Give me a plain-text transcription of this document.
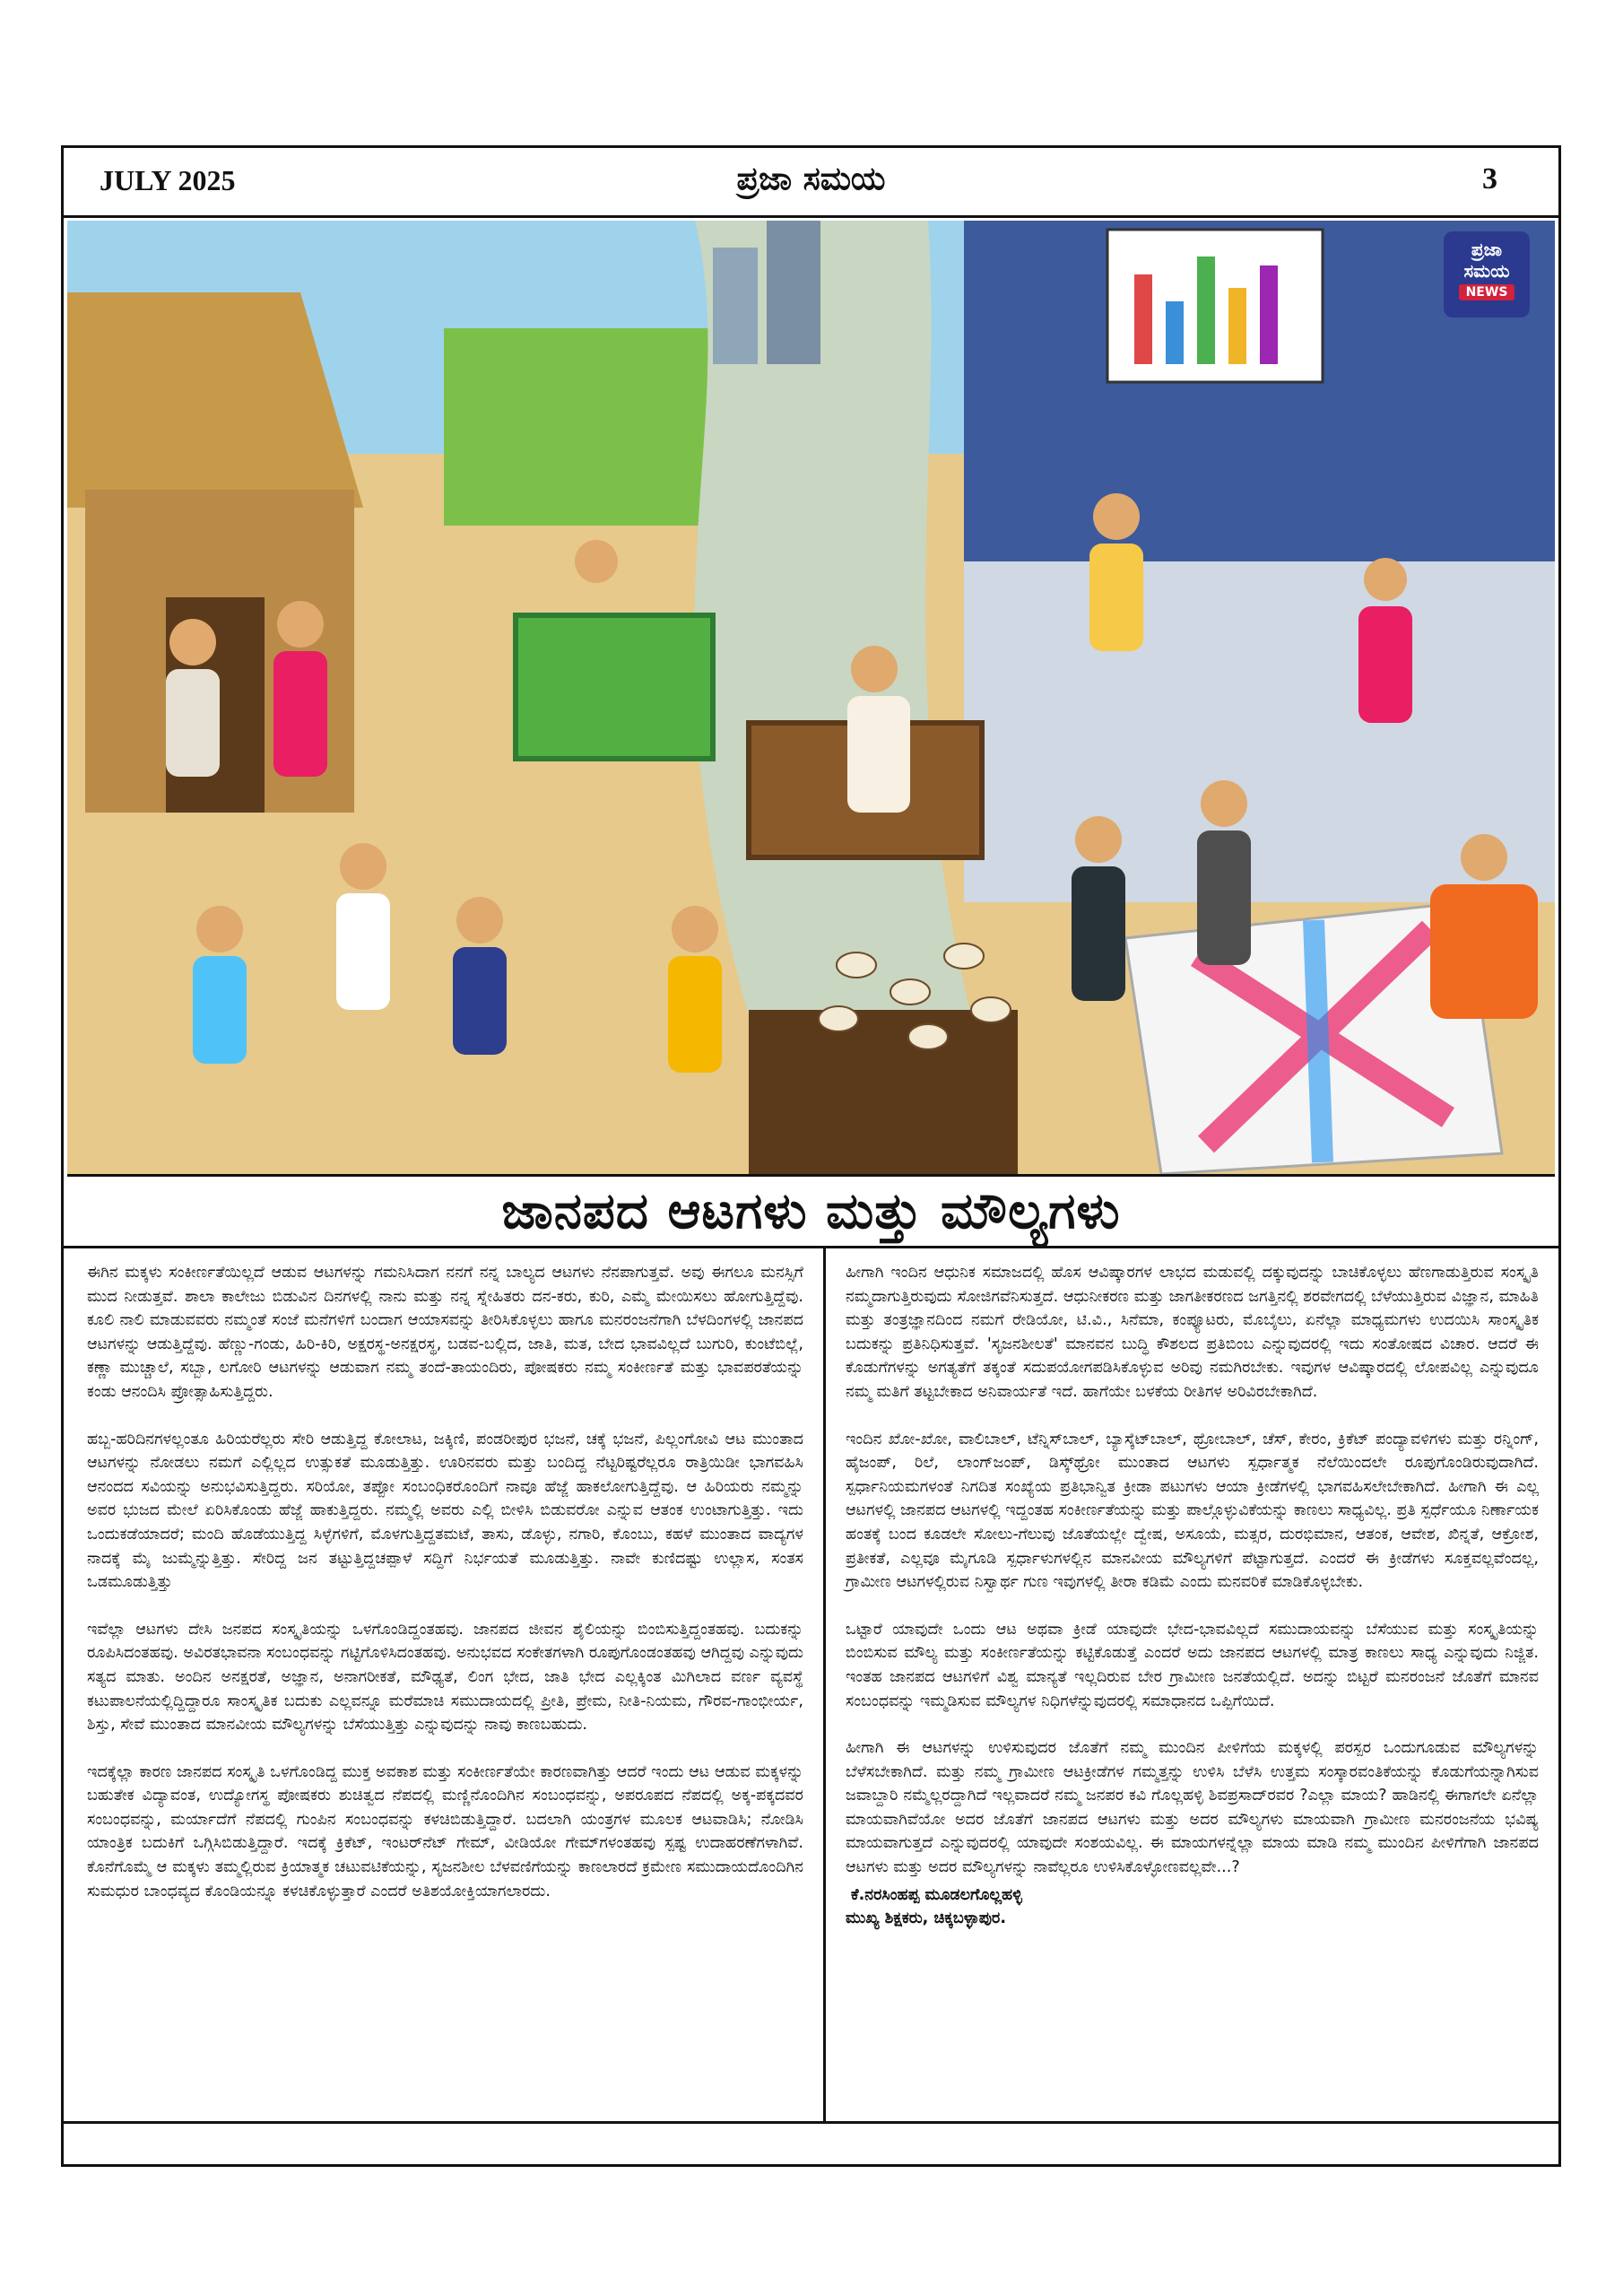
JULY 2025	ಪ್ರಜಾ ಸಮಯ	3
ಪ್ರಜಾ
ಸಮಯ
NEWS
ಜಾನಪದ ಆಟಗಳು ಮತ್ತು ಮೌಲ್ಯಗಳು

ಈಗಿನ ಮಕ್ಕಳು ಸಂಕೀರ್ಣತೆಯಿಲ್ಲದೆ ಆಡುವ ಆಟಗಳನ್ನು ಗಮನಿಸಿದಾಗ ನನಗೆ ನನ್ನ ಬಾಲ್ಯದ ಆಟಗಳು ನೆನಪಾಗುತ್ತವೆ. ಅವು ಈಗಲೂ ಮನಸ್ಸಿಗೆ ಮುದ ನೀಡುತ್ತವೆ. ಶಾಲಾ ಕಾಲೇಜು ಬಿಡುವಿನ ದಿನಗಳಲ್ಲಿ ನಾನು ಮತ್ತು ನನ್ನ ಸ್ನೇಹಿತರು ದನ-ಕರು, ಕುರಿ, ಎಮ್ಮೆ ಮೇಯಿಸಲು ಹೋಗುತ್ತಿದ್ದೆವು. ಕೂಲಿ ನಾಲಿ ಮಾಡುವವರು ನಮ್ಮಂತೆ ಸಂಜೆ ಮನೆಗಳಿಗೆ ಬಂದಾಗ ಆಯಾಸವನ್ನು ತೀರಿಸಿಕೊಳ್ಳಲು ಹಾಗೂ ಮನರಂಜನೆಗಾಗಿ ಬೆಳದಿಂಗಳಲ್ಲಿ ಜಾನಪದ ಆಟಗಳನ್ನು ಆಡುತ್ತಿದ್ದೆವು. ಹೆಣ್ಣು-ಗಂಡು, ಹಿರಿ-ಕಿರಿ, ಅಕ್ಷರಸ್ಥ-ಅನಕ್ಷರಸ್ಥ, ಬಡವ-ಬಲ್ಲಿದ, ಜಾತಿ, ಮತ, ಬೇದ ಭಾವವಿಲ್ಲದೆ ಬುಗುರಿ, ಕುಂಟೆಬಿಲ್ಲೆ, ಕಣ್ಣಾ ಮುಚ್ಚಾಲೆ, ಸಬ್ಬಾ, ಲಗೋರಿ ಆಟಗಳನ್ನು ಆಡುವಾಗ ನಮ್ಮ ತಂದೆ-ತಾಯಂದಿರು, ಪೋಷಕರು ನಮ್ಮ ಸಂಕೀರ್ಣತೆ ಮತ್ತು ಭಾವಪರತೆಯನ್ನು ಕಂಡು ಆನಂದಿಸಿ ಪ್ರೋತ್ಸಾಹಿಸುತ್ತಿದ್ದರು.

ಹಬ್ಬ-ಹರಿದಿನಗಳಲ್ಲಂತೂ ಹಿರಿಯರೆಲ್ಲರು ಸೇರಿ ಆಡುತ್ತಿದ್ದ ಕೋಲಾಟ, ಜಕ್ಕಿಣಿ, ಪಂಡರೀಪುರ ಭಜನೆ, ಚಕ್ಕೆ ಭಜನೆ, ಪಿಲ್ಲಂಗೋವಿ ಆಟ ಮುಂತಾದ ಆಟಗಳನ್ನು ನೋಡಲು ನಮಗೆ ಎಲ್ಲಿಲ್ಲದ ಉತ್ಸುಕತೆ ಮೂಡುತ್ತಿತ್ತು. ಊರಿನವರು ಮತ್ತು ಬಂದಿದ್ದ ನೆಟ್ಟರಿಷ್ಟರೆಲ್ಲರೂ ರಾತ್ರಿಯಿಡೀ ಭಾಗವಹಿಸಿ ಆನಂದದ ಸವಿಯನ್ನು ಅನುಭವಿಸುತ್ತಿದ್ದರು. ಸರಿಯೋ, ತಪ್ಪೋ ಸಂಬಂಧಿಕರೊಂದಿಗೆ ನಾವೂ ಹೆಜ್ಜೆ ಹಾಕಲೋಗುತ್ತಿದ್ದೆವು. ಆ ಹಿರಿಯರು ನಮ್ಮನ್ನು ಅವರ ಭುಜದ ಮೇಲೆ ಏರಿಸಿಕೊಂಡು ಹೆಜ್ಜೆ ಹಾಕುತ್ತಿದ್ದರು. ನಮ್ಮಲ್ಲಿ ಅವರು ಎಲ್ಲಿ ಬೀಳಿಸಿ ಬಿಡುವರೋ ಎನ್ನುವ ಆತಂಕ ಉಂಟಾಗುತ್ತಿತ್ತು. ಇದು ಒಂದುಕಡೆಯಾದರೆ; ಮಂದಿ ಹೊಡೆಯುತ್ತಿದ್ದ ಸಿಳ್ಳೆಗಳಿಗೆ, ಮೊಳಗುತ್ತಿದ್ದತಮಟೆ, ತಾಸು, ಡೊಳ್ಳು, ನಗಾರಿ, ಕೊಂಬು, ಕಹಳೆ ಮುಂತಾದ ವಾದ್ಯಗಳ ನಾದಕ್ಕೆ ಮೈ ಜುಮ್ಮೆನ್ನುತ್ತಿತ್ತು. ಸೇರಿದ್ದ ಜನ ತಟ್ಟುತ್ತಿದ್ದಚಪ್ಪಾಳೆ ಸದ್ದಿಗೆ ನಿರ್ಭಯತೆ ಮೂಡುತ್ತಿತ್ತು. ನಾವೇ ಕುಣಿದಷ್ಟು ಉಲ್ಲಾಸ, ಸಂತಸ ಒಡಮೂಡುತ್ತಿತ್ತು

ಇವೆಲ್ಲಾ ಆಟಗಳು ದೇಸಿ ಜನಪದ ಸಂಸ್ಕೃತಿಯನ್ನು ಒಳಗೊಂಡಿದ್ದಂತಹವು. ಜಾನಪದ ಜೀವನ ಶೈಲಿಯನ್ನು ಬಿಂಬಿಸುತ್ತಿದ್ದಂತಹವು. ಬದುಕನ್ನು ರೂಪಿಸಿದಂತಹವು. ಅವಿರತಭಾವನಾ ಸಂಬಂಧವನ್ನು ಗಟ್ಟಿಗೊಳಿಸಿದಂತಹವು. ಅನುಭವದ ಸಂಕೇತಗಳಾಗಿ ರೂಪುಗೊಂಡಂತಹವು ಆಗಿದ್ದವು ಎನ್ನುವುದು ಸತ್ಯದ ಮಾತು. ಅಂದಿನ ಅನಕ್ಷರತೆ, ಅಜ್ಞಾನ, ಅನಾಗರೀಕತೆ, ಮೌಢ್ಯತೆ, ಲಿಂಗ ಭೇದ, ಜಾತಿ ಭೇದ ಎಲ್ಲಕ್ಕಿಂತ ಮಿಗಿಲಾದ ವರ್ಣ ವ್ಯವಸ್ಥೆ ಕಟುಪಾಲನೆಯಲ್ಲಿದ್ದಿದ್ದಾರೂ ಸಾಂಸ್ಕೃತಿಕ ಬದುಕು ಎಲ್ಲವನ್ನೂ ಮರೆಮಾಚಿ ಸಮುದಾಯದಲ್ಲಿ ಪ್ರೀತಿ, ಪ್ರೇಮ, ನೀತಿ-ನಿಯಮ, ಗೌರವ-ಗಾಂಭೀರ್ಯ, ಶಿಸ್ತು, ಸೇವೆ ಮುಂತಾದ ಮಾನವೀಯ ಮೌಲ್ಯಗಳನ್ನು ಬೆಸೆಯುತ್ತಿತ್ತು ಎನ್ನುವುದನ್ನು ನಾವು ಕಾಣಬಹುದು.

ಇದಕ್ಕೆಲ್ಲಾ ಕಾರಣ ಜಾನಪದ ಸಂಸ್ಕೃತಿ ಒಳಗೊಂಡಿದ್ದ ಮುಕ್ತ ಅವಕಾಶ ಮತ್ತು ಸಂಕೀರ್ಣತೆಯೇ ಕಾರಣವಾಗಿತ್ತು ಆದರೆ ಇಂದು ಆಟ ಆಡುವ ಮಕ್ಕಳನ್ನು ಬಹುತೇಕ ವಿದ್ಯಾವಂತ, ಉದ್ಯೋಗಸ್ಥ ಪೋಷಕರು ಶುಚಿತ್ವದ ನೆಪದಲ್ಲಿ ಮಣ್ಣಿನೊಂದಿಗಿನ ಸಂಬಂಧವನ್ನು, ಅಪರೂಪದ ನೆಪದಲ್ಲಿ ಅಕ್ಕ-ಪಕ್ಕದವರ ಸಂಬಂಧವನ್ನು, ಮರ್ಯಾದೆಗೆ ನೆಪದಲ್ಲಿ ಗುಂಪಿನ ಸಂಬಂಧವನ್ನು ಕಳಚಿಬಿಡುತ್ತಿದ್ದಾರೆ. ಬದಲಾಗಿ ಯಂತ್ರಗಳ ಮೂಲಕ ಆಟವಾಡಿಸಿ; ನೋಡಿಸಿ ಯಾಂತ್ರಿಕ ಬದುಕಿಗೆ ಒಗ್ಗಿಸಿಬಿಡುತ್ತಿದ್ದಾರೆ. ಇದಕ್ಕೆ ಕ್ರಿಕೆಟ್, ಇಂಟರ್‌ನೆಟ್ ಗೇಮ್, ವೀಡಿಯೋ ಗೇಮ್‌ಗಳಂತಹವು ಸ್ಪಷ್ಟ ಉದಾಹರಣೆಗಳಾಗಿವೆ. ಕೊನೆಗೊಮ್ಮೆ ಆ ಮಕ್ಕಳು ತಮ್ಮಲ್ಲಿರುವ ಕ್ರಿಯಾತ್ಮಕ ಚಟುವಟಿಕೆಯನ್ನು, ಸೃಜನಶೀಲ ಬೆಳವಣಿಗೆಯನ್ನು ಕಾಣಲಾರದೆ ಕ್ರಮೇಣ ಸಮುದಾಯದೊಂದಿಗಿನ ಸುಮಧುರ ಬಾಂಧವ್ಯದ ಕೊಂಡಿಯನ್ನೂ ಕಳಚಿಕೊಳ್ಳುತ್ತಾರೆ ಎಂದರೆ ಅತಿಶಯೋಕ್ತಿಯಾಗಲಾರದು.

ಹೀಗಾಗಿ ಇಂದಿನ ಆಧುನಿಕ ಸಮಾಜದಲ್ಲಿ ಹೊಸ ಆವಿಷ್ಕಾರಗಳ ಲಾಭದ ಮಡುವಲ್ಲಿ ದಕ್ಕುವುದನ್ನು ಬಾಚಿಕೊಳ್ಳಲು ಹೆಣಗಾಡುತ್ತಿರುವ ಸಂಸ್ಕೃತಿ ನಮ್ಮದಾಗುತ್ತಿರುವುದು ಸೋಜಿಗವೆನಿಸುತ್ತದೆ. ಆಧುನೀಕರಣ ಮತ್ತು ಜಾಗತೀಕರಣದ ಜಗತ್ತಿನಲ್ಲಿ ಶರವೇಗದಲ್ಲಿ ಬೆಳೆಯುತ್ತಿರುವ ವಿಜ್ಞಾನ, ಮಾಹಿತಿ ಮತ್ತು ತಂತ್ರಜ್ಞಾನದಿಂದ ನಮಗೆ ರೇಡಿಯೋ, ಟಿ.ವಿ., ಸಿನೆಮಾ, ಕಂಪ್ಯೂಟರು, ಮೊಬೈಲು, ಏನೆಲ್ಲಾ ಮಾಧ್ಯಮಗಳು ಉದಯಿಸಿ ಸಾಂಸ್ಕೃತಿಕ ಬದುಕನ್ನು ಪ್ರತಿನಿಧಿಸುತ್ತವೆ. 'ಸೃಜನಶೀಲತೆ' ಮಾನವನ ಬುದ್ಧಿ ಕೌಶಲದ ಪ್ರತಿಬಿಂಬ ಎನ್ನುವುದರಲ್ಲಿ ಇದು ಸಂತೋಷದ ವಿಚಾರ. ಆದರೆ ಈ ಕೊಡುಗೆಗಳನ್ನು ಅಗತ್ಯತೆಗೆ ತಕ್ಕಂತೆ ಸದುಪಯೋಗಪಡಿಸಿಕೊಳ್ಳುವ ಅರಿವು ನಮಗಿರಬೇಕು. ಇವುಗಳ ಆವಿಷ್ಕಾರದಲ್ಲಿ ಲೋಪವಿಲ್ಲ ಎನ್ನುವುದೂ ನಮ್ಮ ಮತಿಗೆ ತಟ್ಟಬೇಕಾದ ಅನಿವಾರ್ಯತೆ ಇದೆ. ಹಾಗೆಯೇ ಬಳಕೆಯ ರೀತಿಗಳ ಅರಿವಿರಬೇಕಾಗಿದೆ.

ಇಂದಿನ ಖೋ-ಖೋ, ವಾಲಿಬಾಲ್, ಟೆನ್ನಿಸ್‌ಬಾಲ್, ಬ್ಯಾಸ್ಕೆಟ್‌ಬಾಲ್, ಥ್ರೋಬಾಲ್, ಚೆಸ್, ಕೇರಂ, ಕ್ರಿಕೆಟ್ ಪಂದ್ಯಾವಳಿಗಳು ಮತ್ತು ರನ್ನಿಂಗ್, ಹೈಜಂಪ್, ರಿಲೆ, ಲಾಂಗ್‌ಜಂಪ್, ಡಿಸ್ಕ್‌ಥ್ರೋ ಮುಂತಾದ ಆಟಗಳು ಸ್ಪರ್ಧಾತ್ಮಕ ನೆಲೆಯಿಂದಲೇ ರೂಪುಗೊಂಡಿರುವುದಾಗಿದೆ. ಸ್ಪರ್ಧಾನಿಯಮಗಳಂತೆ ನಿಗದಿತ ಸಂಖ್ಯೆಯ ಪ್ರತಿಭಾನ್ವಿತ ಕ್ರೀಡಾ ಪಟುಗಳು ಆಯಾ ಕ್ರೀಡೆಗಳಲ್ಲಿ ಭಾಗವಹಿಸಲೇಬೇಕಾಗಿದೆ. ಹೀಗಾಗಿ ಈ ಎಲ್ಲ ಆಟಗಳಲ್ಲಿ ಜಾನಪದ ಆಟಗಳಲ್ಲಿ ಇದ್ದಂತಹ ಸಂಕೀರ್ಣತೆಯನ್ನು ಮತ್ತು ಪಾಲ್ಗೊಳ್ಳುವಿಕೆಯನ್ನು ಕಾಣಲು ಸಾಧ್ಯವಿಲ್ಲ. ಪ್ರತಿ ಸ್ಪರ್ಧೆಯೂ ನಿರ್ಣಾಯಕ ಹಂತಕ್ಕೆ ಬಂದ ಕೂಡಲೇ ಸೋಲು-ಗೆಲುವು ಜೊತೆಯಲ್ಲೇ ದ್ವೇಷ, ಅಸೂಯೆ, ಮತ್ಸರ, ದುರಭಿಮಾನ, ಆತಂಕ, ಆವೇಶ, ಖಿನ್ನತೆ, ಆಕ್ರೋಶ, ಪ್ರತೀಕತೆ, ಎಲ್ಲವೂ ಮೈಗೂಡಿ ಸ್ಪರ್ಧಾಳುಗಳಲ್ಲಿನ ಮಾನವೀಯ ಮೌಲ್ಯಗಳಿಗೆ ಪೆಟ್ಟಾಗುತ್ತದೆ. ಎಂದರೆ ಈ ಕ್ರೀಡೆಗಳು ಸೂಕ್ತವಲ್ಲವೆಂದಲ್ಲ, ಗ್ರಾಮೀಣ ಆಟಗಳಲ್ಲಿರುವ ನಿಸ್ವಾರ್ಥ ಗುಣ ಇವುಗಳಲ್ಲಿ ತೀರಾ ಕಡಿಮೆ ಎಂದು ಮನವರಿಕೆ ಮಾಡಿಕೊಳ್ಳಬೇಕು.

ಒಟ್ಟಾರೆ ಯಾವುದೇ ಒಂದು ಆಟ ಅಥವಾ ಕ್ರೀಡೆ ಯಾವುದೇ ಭೇದ-ಭಾವವಿಲ್ಲದೆ ಸಮುದಾಯವನ್ನು ಬೆಸೆಯುವ ಮತ್ತು ಸಂಸ್ಕೃತಿಯನ್ನು ಬಿಂಬಿಸುವ ಮೌಲ್ಯ ಮತ್ತು ಸಂಕೀರ್ಣತೆಯನ್ನು ಕಟ್ಟಿಕೊಡುತ್ತೆ ಎಂದರೆ ಅದು ಜಾನಪದ ಆಟಗಳಲ್ಲಿ ಮಾತ್ರ ಕಾಣಲು ಸಾಧ್ಯ ಎನ್ನುವುದು ನಿಜ್ಜಿತ. ಇಂತಹ ಜಾನಪದ ಆಟಗಳಿಗೆ ವಿಶ್ವ ಮಾನ್ಯತೆ ಇಲ್ಲದಿರುವ ಬೇರ ಗ್ರಾಮೀಣ ಜನತೆಯಲ್ಲಿದೆ. ಅದನ್ನು ಬಿಟ್ಟರೆ ಮನರಂಜನೆ ಜೊತೆಗೆ ಮಾನವ ಸಂಬಂಧವನ್ನು ಇಮ್ಮಡಿಸುವ ಮೌಲ್ಯಗಳ ನಿಧಿಗಳೆನ್ನುವುದರಲ್ಲಿ ಸಮಾಧಾನದ ಒಪ್ಪಿಗೆಯಿದೆ.

ಹೀಗಾಗಿ ಈ ಆಟಗಳನ್ನು ಉಳಿಸುವುದರ ಜೊತೆಗೆ ನಮ್ಮ ಮುಂದಿನ ಪೀಳಿಗೆಯ ಮಕ್ಕಳಲ್ಲಿ ಪರಸ್ಪರ ಒಂದುಗೂಡುವ ಮೌಲ್ಯಗಳನ್ನು ಬೆಳೆಸಬೇಕಾಗಿದೆ. ಮತ್ತು ನಮ್ಮ ಗ್ರಾಮೀಣ ಆಟಕ್ರೀಡೆಗಳ ಗಮ್ಮತ್ತನ್ನು ಉಳಿಸಿ ಬೆಳೆಸಿ ಉತ್ತಮ ಸಂಸ್ಕಾರವಂತಿಕೆಯನ್ನು ಕೊಡುಗೆಯನ್ನಾಗಿಸುವ ಜವಾಬ್ದಾರಿ ನಮ್ಮೆಲ್ಲರದ್ದಾಗಿದೆ ಇಲ್ಲವಾದರೆ ನಮ್ಮ ಜನಪರ ಕವಿ ಗೊಲ್ಲಹಳ್ಳಿ ಶಿವಪ್ರಸಾದ್‌ರವರ ?ಎಲ್ಲಾ ಮಾಯ? ಹಾಡಿನಲ್ಲಿ ಈಗಾಗಲೇ ಏನೆಲ್ಲಾ ಮಾಯವಾಗಿವೆಯೋ ಅದರ ಜೊತೆಗೆ ಜಾನಪದ ಆಟಗಳು ಮತ್ತು ಅದರ ಮೌಲ್ಯಗಳು ಮಾಯವಾಗಿ ಗ್ರಾಮೀಣ ಮನರಂಜನೆಯ ಭವಿಷ್ಯ ಮಾಯವಾಗುತ್ತದೆ ಎನ್ನುವುದರಲ್ಲಿ ಯಾವುದೇ ಸಂಶಯವಿಲ್ಲ. ಈ ಮಾಯಗಳನ್ನೆಲ್ಲಾ ಮಾಯ ಮಾಡಿ ನಮ್ಮ ಮುಂದಿನ ಪೀಳಿಗೆಗಾಗಿ ಜಾನಪದ ಆಟಗಳು ಮತ್ತು ಅದರ ಮೌಲ್ಯಗಳನ್ನು ನಾವೆಲ್ಲರೂ ಉಳಿಸಿಕೊಳ್ಳೋಣವಲ್ಲವೇ...?

ಕೆ.ನರಸಿಂಹಪ್ಪ ಮೂಡಲಗೊಲ್ಲಹಳ್ಳಿ
ಮುಖ್ಯ ಶಿಕ್ಷಕರು, ಚಿಕ್ಕಬಳ್ಳಾಪುರ.
